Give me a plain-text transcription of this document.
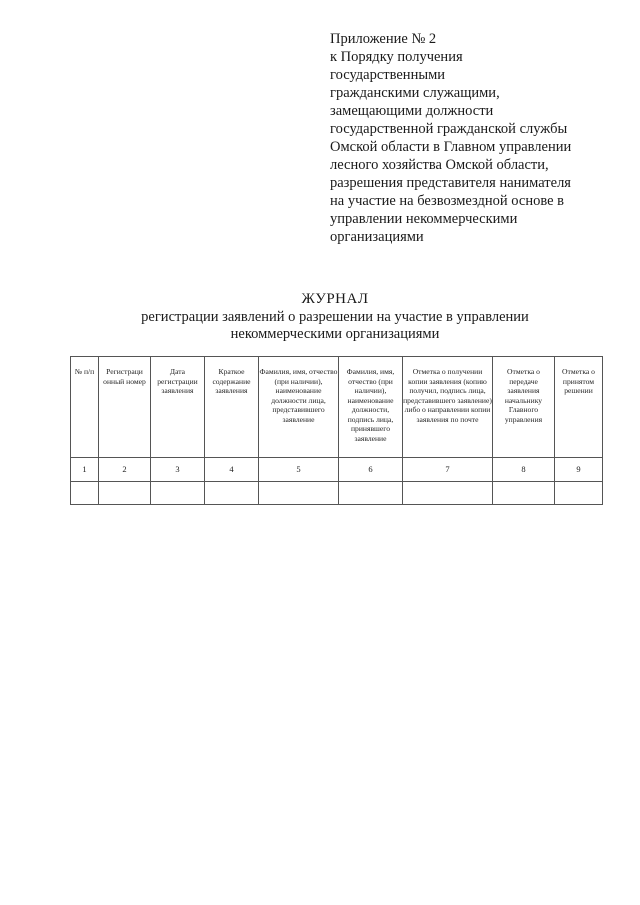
Приложение № 2
к Порядку получения
государственными
гражданскими служащими,
замещающими должности
государственной гражданской службы
Омской области в Главном управлении
лесного хозяйства Омской области,
разрешения представителя нанимателя
на участие на безвозмездной основе в
управлении некоммерческими
организациями
ЖУРНАЛ
регистрации заявлений о разрешении на участие в управлении
некоммерческими организациями
№ п/п	Регистраци онный номер	Дата регистрации заявления	Краткое содержание заявления	Фамилия, имя, отчество (при наличии), наименование должности лица, представившего заявление	Фамилия, имя, отчество (при наличии), наименование должности, подпись лица, принявшего заявление	Отметка о получении копии заявления (копию получил, подпись лица, представившего заявление) либо о направлении копии заявления по почте	Отметка о передаче заявления начальнику Главного управления	Отметка о принятом решении
1	2	3	4	5	6	7	8	9
